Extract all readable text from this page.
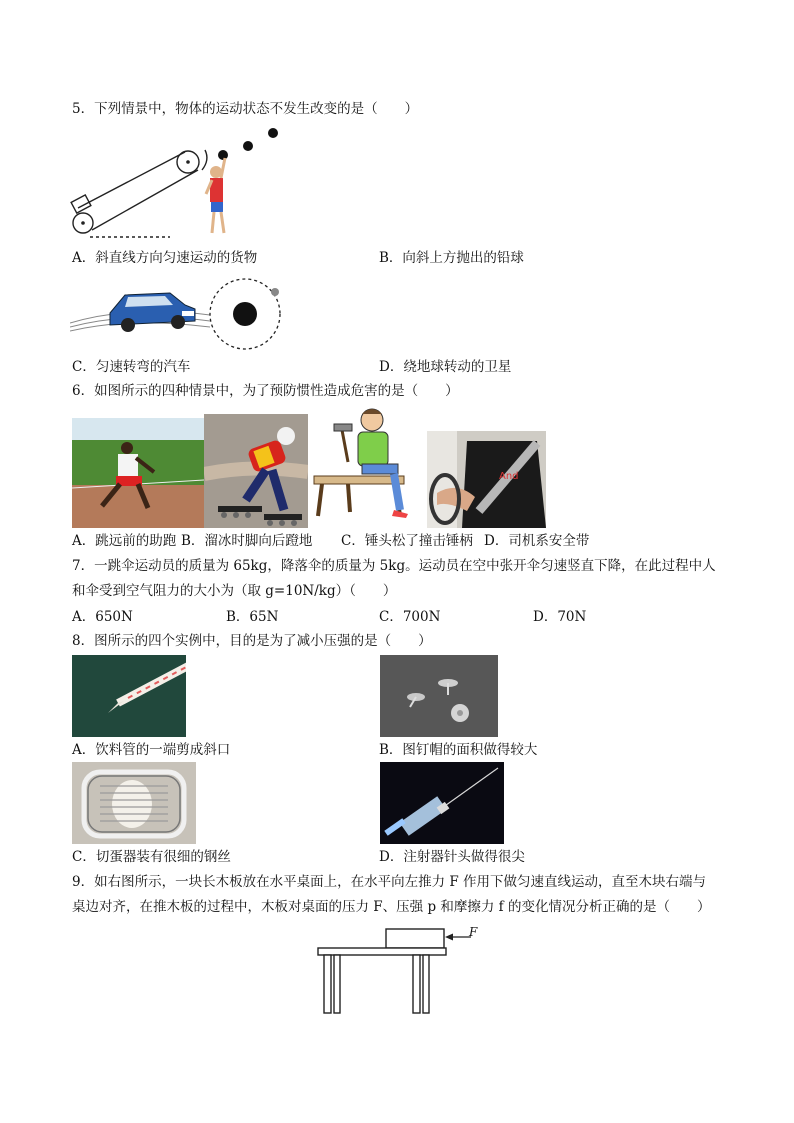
5．下列情景中，物体的运动状态不发生改变的是（　　）
A．斜直线方向匀速运动的货物	B．向斜上方抛出的铅球
C．匀速转弯的汽车	D．绕地球转动的卫星
6．如图所示的四种情景中，为了预防惯性造成危害的是（　　）
And
A．跳远前的助跑 B．溜冰时脚向后蹬地 C．锤头松了撞击锤柄 D．司机系安全带
7．一跳伞运动员的质量为 65kg，降落伞的质量为 5kg。运动员在空中张开伞匀速竖直下降，在此过程中人
和伞受到空气阻力的大小为（取 g=10N/kg）（　　）
A．650N	B．65N	C．700N	D．70N
8．图所示的四个实例中，目的是为了减小压强的是（　　）
A．饮料管的一端剪成斜口	B．图钉帽的面积做得较大
C．切蛋器装有很细的钢丝	D．注射器针头做得很尖
9．如右图所示，一块长木板放在水平桌面上，在水平向左推力 F 作用下做匀速直线运动，直至木块右端与
桌边对齐，在推木板的过程中，木板对桌面的压力 F、压强 p 和摩擦力 f 的变化情况分析正确的是（　　）
F
